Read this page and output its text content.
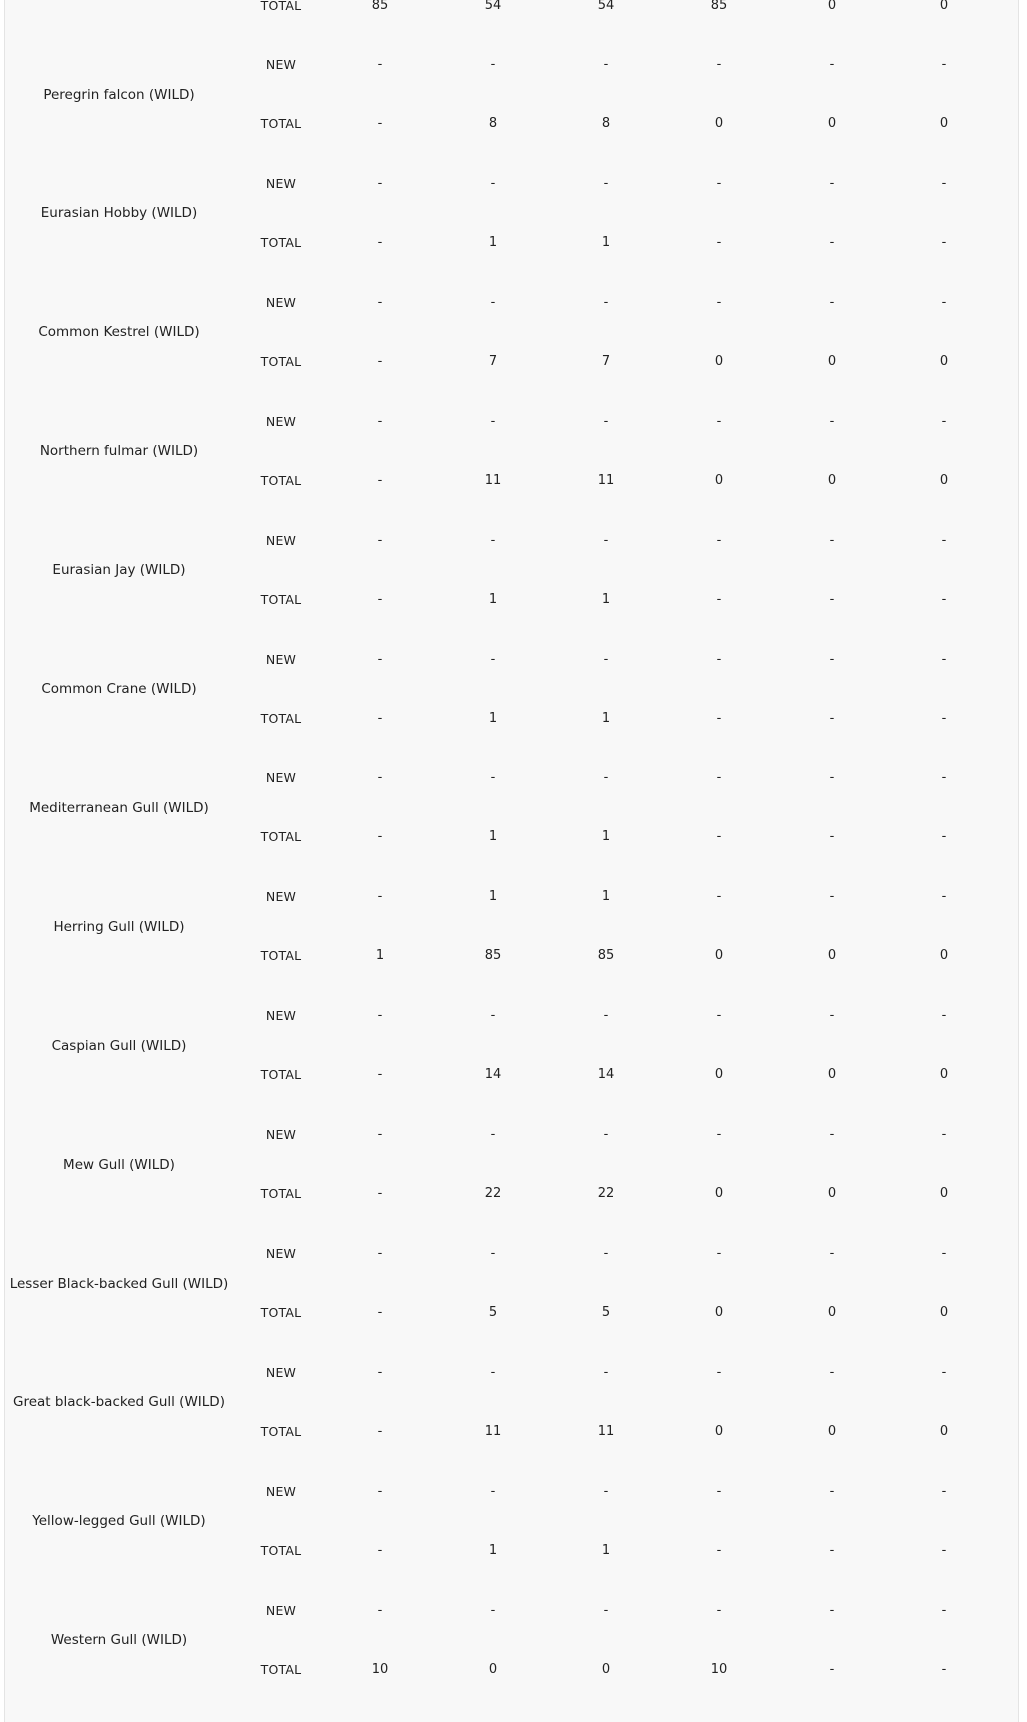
TOTAL	85	54	54	85	0	0
NEW	-	-	-	-	-	-
TOTAL	-	8	8	0	0	0
Peregrin falcon (WILD)
NEW	-	-	-	-	-	-
TOTAL	-	1	1	-	-	-
Eurasian Hobby (WILD)
NEW	-	-	-	-	-	-
TOTAL	-	7	7	0	0	0
Common Kestrel (WILD)
NEW	-	-	-	-	-	-
TOTAL	-	11	11	0	0	0
Northern fulmar (WILD)
NEW	-	-	-	-	-	-
TOTAL	-	1	1	-	-	-
Eurasian Jay (WILD)
NEW	-	-	-	-	-	-
TOTAL	-	1	1	-	-	-
Common Crane (WILD)
NEW	-	-	-	-	-	-
TOTAL	-	1	1	-	-	-
Mediterranean Gull (WILD)
NEW	-	1	1	-	-	-
TOTAL	1	85	85	0	0	0
Herring Gull (WILD)
NEW	-	-	-	-	-	-
TOTAL	-	14	14	0	0	0
Caspian Gull (WILD)
NEW	-	-	-	-	-	-
TOTAL	-	22	22	0	0	0
Mew Gull (WILD)
NEW	-	-	-	-	-	-
TOTAL	-	5	5	0	0	0
Lesser Black-backed Gull (WILD)
NEW	-	-	-	-	-	-
TOTAL	-	11	11	0	0	0
Great black-backed Gull (WILD)
NEW	-	-	-	-	-	-
TOTAL	-	1	1	-	-	-
Yellow-legged Gull (WILD)
NEW	-	-	-	-	-	-
TOTAL	10	0	0	10	-	-
Western Gull (WILD)
